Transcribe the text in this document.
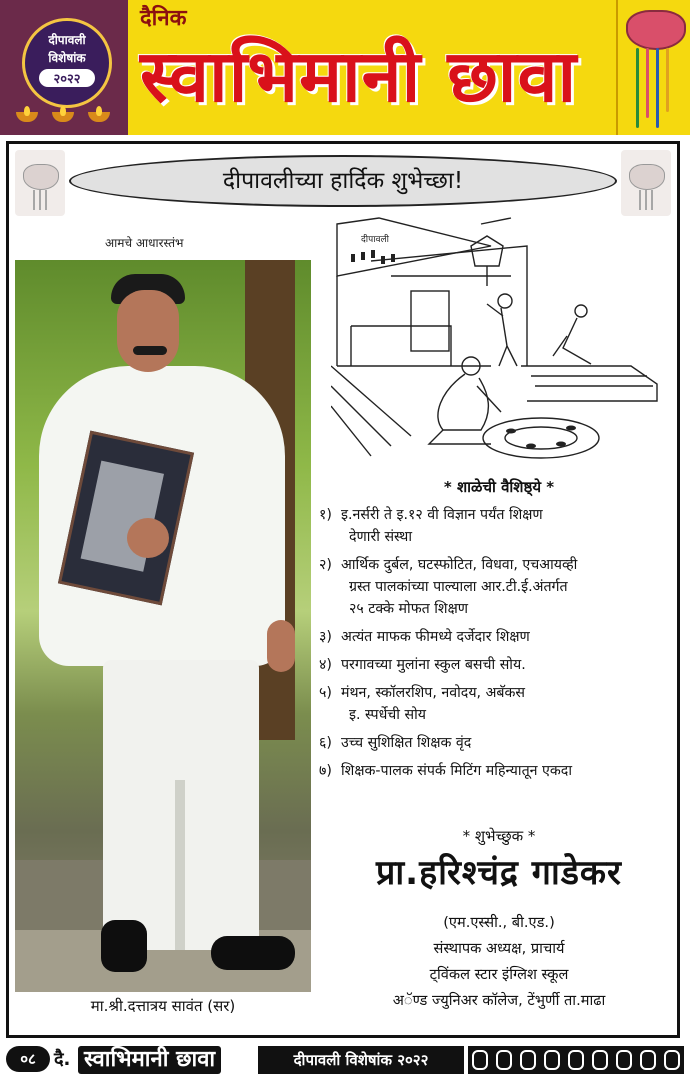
दीपावली
विशेषांक
२०२२
दैनिक
स्वाभिमानी छावा
दीपावलीच्या हार्दिक शुभेच्छा!
आमचे आधारस्तंभ
मा.श्री.दत्तात्रय सावंत (सर)
दीपावली
* शाळेची वैशिष्ठ्ये *
१) इ.नर्सरी ते इ.१२ वी विज्ञान पर्यंत शिक्षण
देणारी संस्था
२) आर्थिक दुर्बल, घटस्फोटित, विधवा, एचआयव्ही
ग्रस्त पालकांच्या पाल्याला आर.टी.ई.अंतर्गत
२५ टक्के मोफत शिक्षण
३) अत्यंत माफक फीमध्ये दर्जेदार शिक्षण
४) परगावच्या मुलांना स्कुल बसची सोय.
५) मंथन, स्कॉलरशिप, नवोदय, अबॅकस
इ. स्पर्धेची सोय
६) उच्च सुशिक्षित शिक्षक वृंद
७) शिक्षक-पालक संपर्क मिटिंग महिन्यातून एकदा
* शुभेच्छुक *
प्रा.हरिश्चंद्र गाडेकर
(एम.एस्सी., बी.एड.)
संस्थापक अध्यक्ष, प्राचार्य
ट्विंकल स्टार इंग्लिश स्कूल
अॅण्ड ज्युनिअर कॉलेज, टेंभुर्णी ता.माढा
०८	दै. स्वाभिमानी छावा	दीपावली विशेषांक २०२२
